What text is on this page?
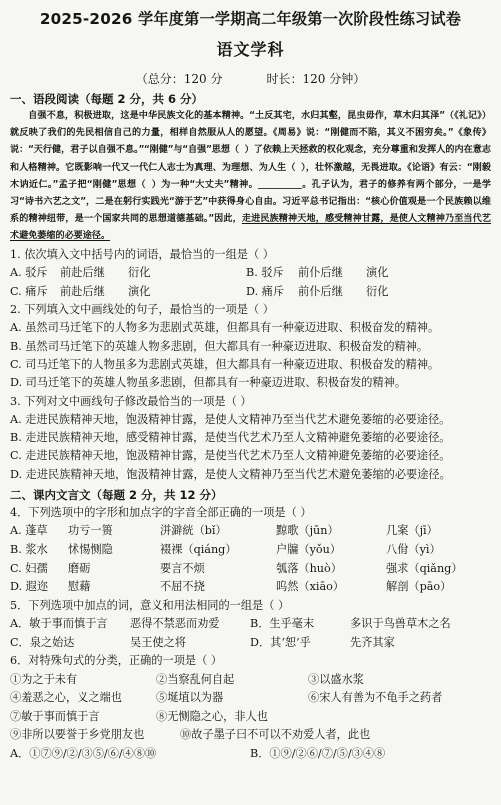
2025-2026 学年度第一学期高二年级第一次阶段性练习试卷
语文学科
（总分：120 分	时长：120 分钟）
一、语段阅读（每题 2 分，共 6 分）

自强不息，积极进取，这是中华民族文化的基本精神。“土反其宅，水归其壑，昆虫毋作，草木归其泽”（《礼记》）就反映了我们的先民相信自己的力量，相样自然服从人的愿望。《周易》说：“刚健而不陷，其义不困穷矣。”《象传》说：“天行健，君子以自强不息。”“刚健”与“自强”思想（ ）了依赖上天拯救的权化观念，充分尊重和发挥人的内在意志和人格精神。它既影响一代又一代仁人志士为真理、为理想、为人生（ ），壮怀激越，无畏进取。《论语》有云：“刚毅木讷近仁。”孟子把“刚健”思想（ ）为一种“大丈夫”精神。________。孔子认为，君子的修养有两个部分，一是学习“诗书六艺之文”，二是在躬行实践光“游于艺”中获得身心自由。习近平总书记指出：“核心价值观是一个民族赖以维系的精神纽带，是一个国家共同的思想道德基础。”因此，走进民族精神天地，感受精神甘露，是使人文精神乃至当代艺术避免萎缩的必要途径。

1. 依次填入文中括号内的词语，最恰当的一组是（ ）

A. 驳斥 前赴后继 衍化	B. 驳斥 前仆后继 演化
C. 痛斥 前赴后继 演化	D. 痛斥 前仆后继 衍化

2. 下列填入文中画线处的句子，最恰当的一项是（ ）

A. 虽然司马迁笔下的人物多为悲剧式英雄，但都具有一种豪迈进取、积极奋发的精神。

B. 虽然司马迁笔下的英雄人物多悲剧，但大都具有一种豪迈进取、积极奋发的精神。

C. 司马迁笔下的人物虽多为悲剧式英雄，但大都具有一种豪迈进取、积极奋发的精神。

D. 司马迁笔下的英雄人物虽多悲剧，但都具有一种豪迈进取、积极奋发的精神。

3. 下列对文中画线句子修改最恰当的一项是（ ）

A. 走进民族精神天地，饱汲精神甘露，是使人文精神乃至当代艺术避免萎缩的必要途径。

B. 走进民族精神天地，感受精神甘露，是使当代艺术乃至人文精神避免萎缩的必要途径。

C. 走进民族精神天地，饱汲精神甘露，是使当代艺术乃至人文精神避免萎缩的必要途径。

D. 走进民族精神天地，饱汲精神甘露，是使人文精神乃至当代艺术避免萎缩的必要途径。

二、课内文言文（每题 2 分，共 12 分）

4．下列选项中的字形和加点字的字音全部正确的一项是（ ）

A. 蓬草 功亏一篑	洴澼絖（bǐ）	黥歌（jūn）	几案（jī）
B. 浆水 怵惕恻隐	裰裸（qiáng）	户牖（yǒu）	八佾（yì）
C. 妇孺 磨砺	要言不烦	瓠落（huò）	强求（qiǎng）
D. 遐迩 慰藉	不屈不挠	呜然（xiāo）	解剖（pāo）

5．下列选项中加点的词，意义和用法相同的一组是（ ）

A．敏于事而慎于言 恶得不禁恶而劝爱	B．生乎毫末	多识于鸟兽草木之名
C．泉之始达	吴王使之将	D．其‘恕’乎	先齐其家

6．对特殊句式的分类，正确的一项是（ ）

①为之于未有	②当察乱何自起	③以盛水浆
④羞恶之心，义之端也	⑤埏埴以为器	⑥宋人有善为不龟手之药者
⑦敏于事而慎于言	⑧无恻隐之心，非人也
⑨非所以要誉于乡党朋友也	⑩故子墨子曰不可以不劝爱人者，此也
A．①⑦⑨/②/③⑤/⑥/④⑧⑩	B．①⑨/②⑥/⑦/⑤/③④⑧
